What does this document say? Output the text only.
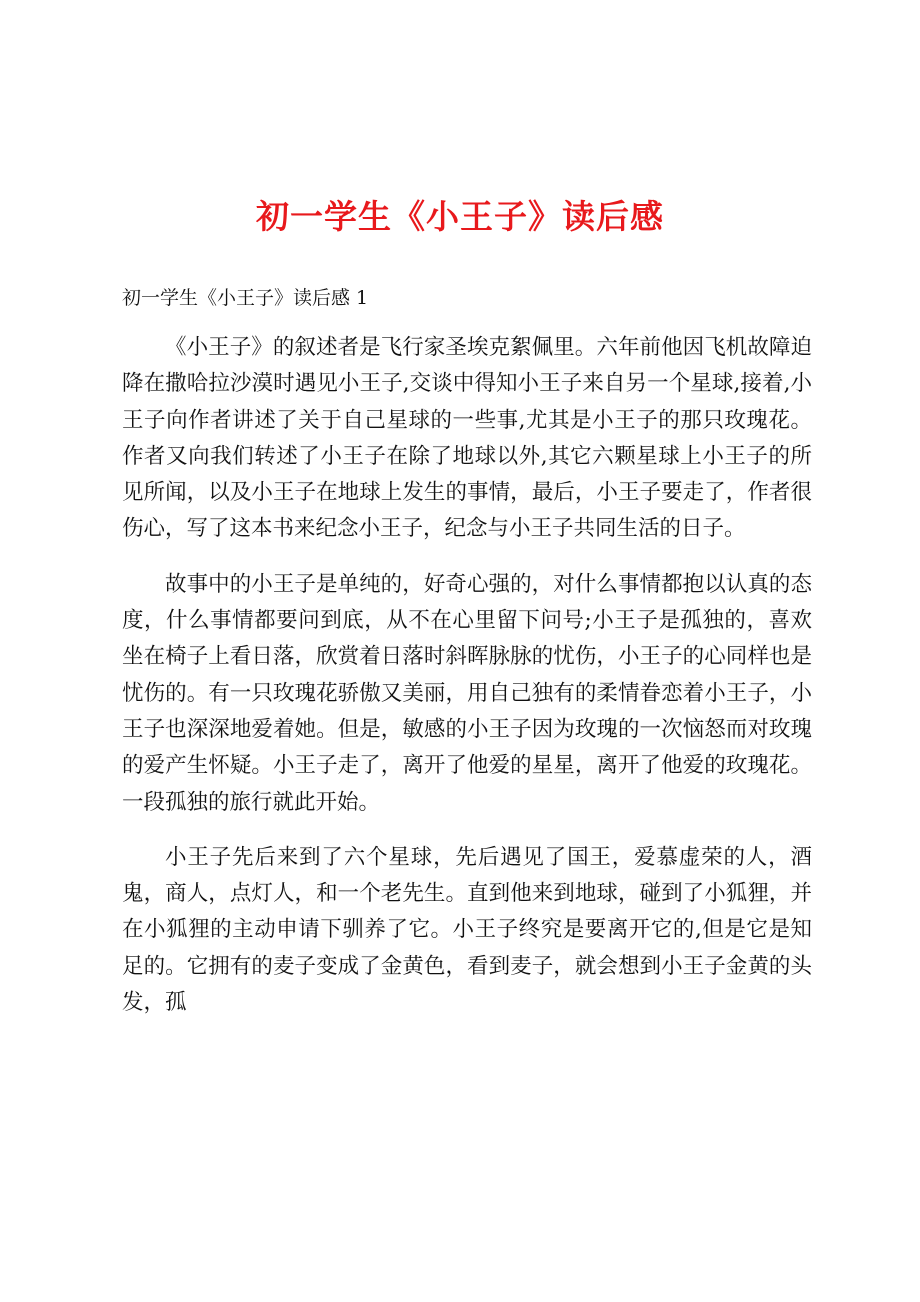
初一学生《小王子》读后感
初一学生《小王子》读后感 1

《小王子》的叙述者是飞行家圣埃克絮佩里。六年前他因飞机故障迫降在撒哈拉沙漠时遇见小王子,交谈中得知小王子来自另一个星球,接着,小王子向作者讲述了关于自己星球的一些事,尤其是小王子的那只玫瑰花。作者又向我们转述了小王子在除了地球以外,其它六颗星球上小王子的所见所闻，以及小王子在地球上发生的事情，最后，小王子要走了，作者很伤心，写了这本书来纪念小王子，纪念与小王子共同生活的日子。

故事中的小王子是单纯的，好奇心强的，对什么事情都抱以认真的态度，什么事情都要问到底，从不在心里留下问号;小王子是孤独的，喜欢坐在椅子上看日落，欣赏着日落时斜晖脉脉的忧伤，小王子的心同样也是忧伤的。有一只玫瑰花骄傲又美丽，用自己独有的柔情眷恋着小王子，小王子也深深地爱着她。但是，敏感的小王子因为玫瑰的一次恼怒而对玫瑰的爱产生怀疑。小王子走了，离开了他爱的星星，离开了他爱的玫瑰花。一段孤独的旅行就此开始。

小王子先后来到了六个星球，先后遇见了国王，爱慕虚荣的人，酒鬼，商人，点灯人，和一个老先生。直到他来到地球，碰到了小狐狸，并在小狐狸的主动申请下驯养了它。小王子终究是要离开它的,但是它是知足的。它拥有的麦子变成了金黄色，看到麦子，就会想到小王子金黄的头发，孤
